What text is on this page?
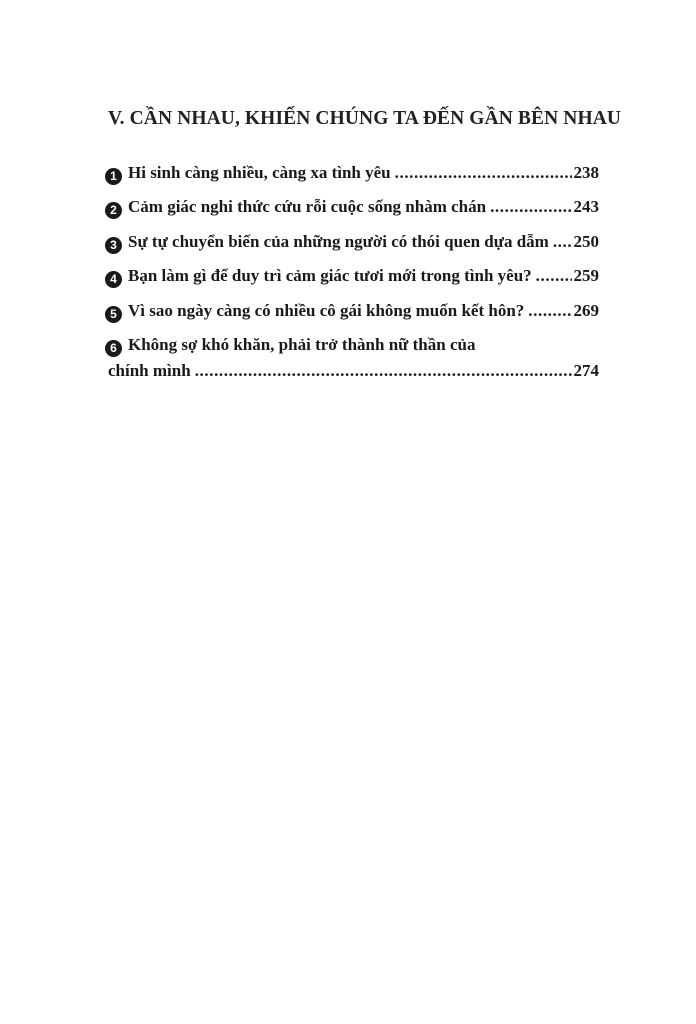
V. CẦN NHAU, KHIẾN CHÚNG TA ĐẾN GẦN BÊN NHAU
1 Hi sinh càng nhiều, càng xa tình yêu .....	238
2 Cảm giác nghi thức cứu rỗi cuộc sống nhàm chán .....	243
3 Sự tự chuyển biến của những người có thói quen dựa dẫm ..... 250
4 Bạn làm gì để duy trì cảm giác tươi mới trong tình yêu? ..... 259
5 Vì sao ngày càng có nhiều cô gái không muốn kết hôn? .....	269
6 Không sợ khó khăn, phải trở thành nữ thần của
chính mình .....	274
